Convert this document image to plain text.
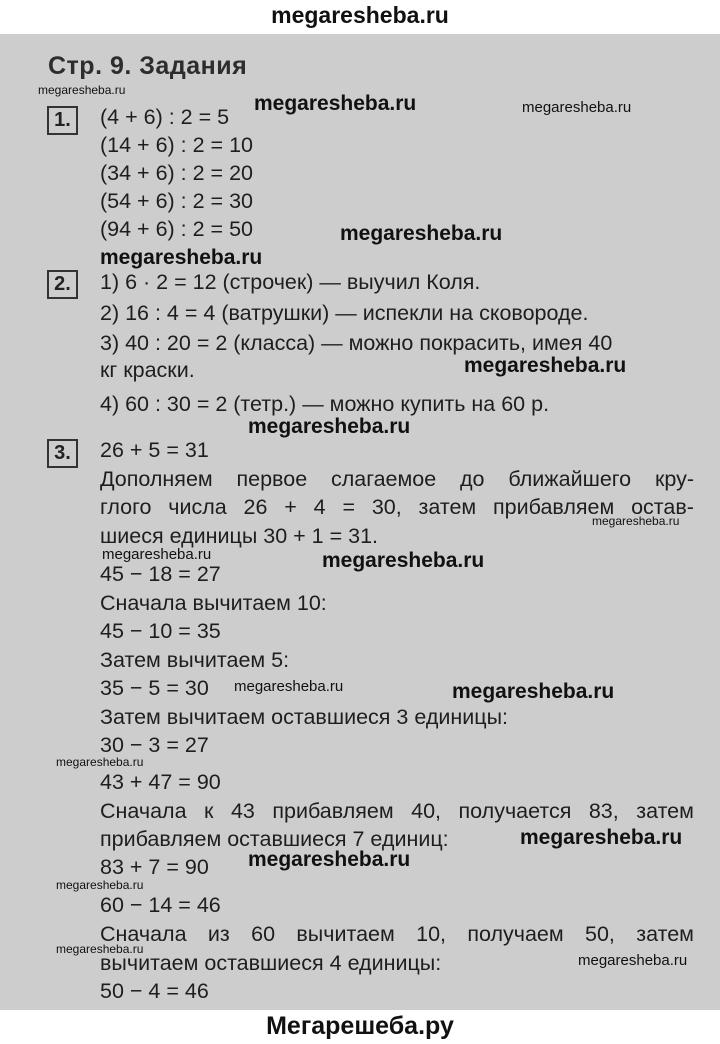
megaresheba.ru
Стр. 9. Задания
1.	(4 + 6) : 2 = 5
(14 + 6) : 2 = 10
(34 + 6) : 2 = 20
(54 + 6) : 2 = 30
(94 + 6) : 2 = 50
2.	1) 6 · 2 = 12 (строчек) — выучил Коля.
2) 16 : 4 = 4 (ватрушки) — испекли на сковороде.
3) 40 : 20 = 2 (класса) — можно покрасить, имея 40
кг краски.
4) 60 : 30 = 2 (тетр.) — можно купить на 60 р.
3.	26 + 5 = 31
Дополняем первое слагаемое до ближайшего кру-
глого числа 26 + 4 = 30, затем прибавляем остав-
шиеся единицы 30 + 1 = 31.
45 − 18 = 27
Сначала вычитаем 10:
45 − 10 = 35
Затем вычитаем 5:
35 − 5 = 30
Затем вычитаем оставшиеся 3 единицы:
30 − 3 = 27
43 + 47 = 90
Сначала к 43 прибавляем 40, получается 83, затем
прибавляем оставшиеся 7 единиц:
83 + 7 = 90
60 − 14 = 46
Сначала из 60 вычитаем 10, получаем 50, затем
вычитаем оставшиеся 4 единицы:
50 − 4 = 46
megaresheba.ru
megaresheba.ru	megaresheba.ru
megaresheba.ru
megaresheba.ru
megaresheba.ru
megaresheba.ru
megaresheba.ru
megaresheba.ru	megaresheba.ru
megaresheba.ru	megaresheba.ru
megaresheba.ru
megaresheba.ru
megaresheba.ru
megaresheba.ru
megaresheba.ru
megaresheba.ru
Мегарешеба.ру
